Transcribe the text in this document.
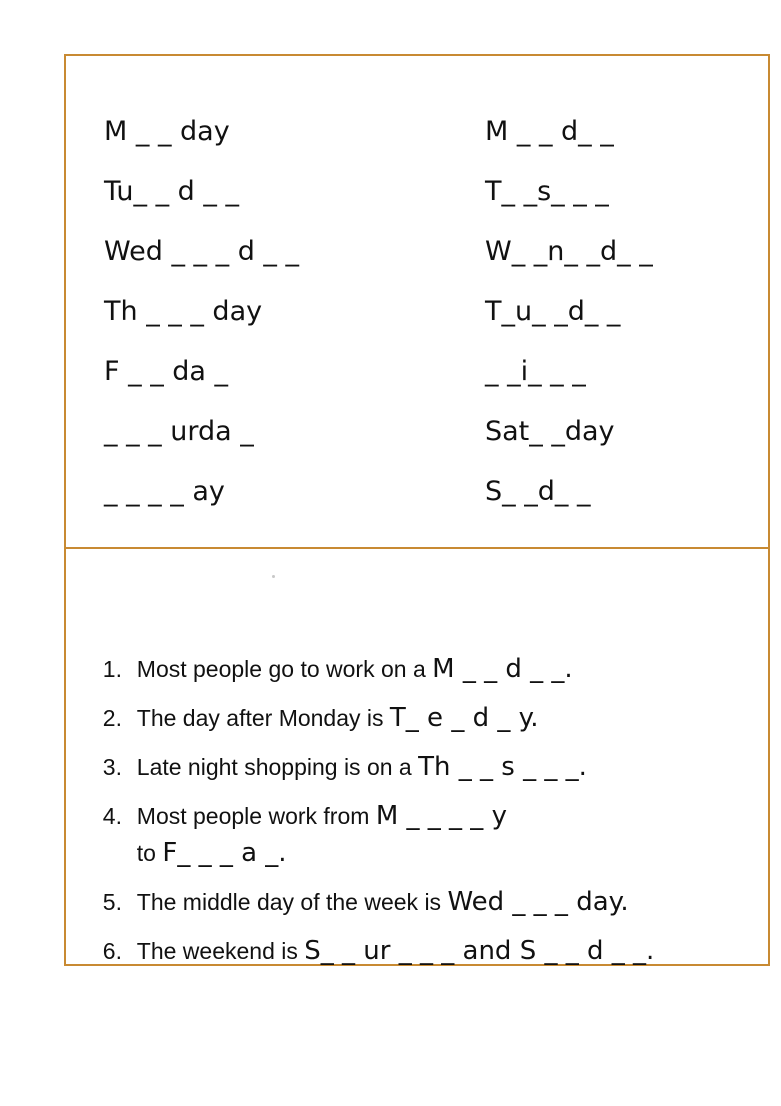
M _ _ day
Tu_ _ d _ _
Wed _ _ _ d _ _
Th _ _ _ day
F _ _ da _
_ _ _ urda _
_ _ _ _ ay
M _ _ d_ _
T_ _s_ _ _
W_ _n_ _d_ _
T_u_ _d_ _
_ _i_ _ _
Sat_ _day
S_ _d_ _

1. Most people go to work on a M _ _ d _ _.

2. The day after Monday is T_ e _ d _ y.

3. Late night shopping is on a Th _ _ s _ _ _.

4. Most people work from M _ _ _ _ y

to F_ _ _ a _.

5. The middle day of the week is Wed _ _ _ day.

6. The weekend is S_ _ ur _ _ _ and S _ _ d _ _.
